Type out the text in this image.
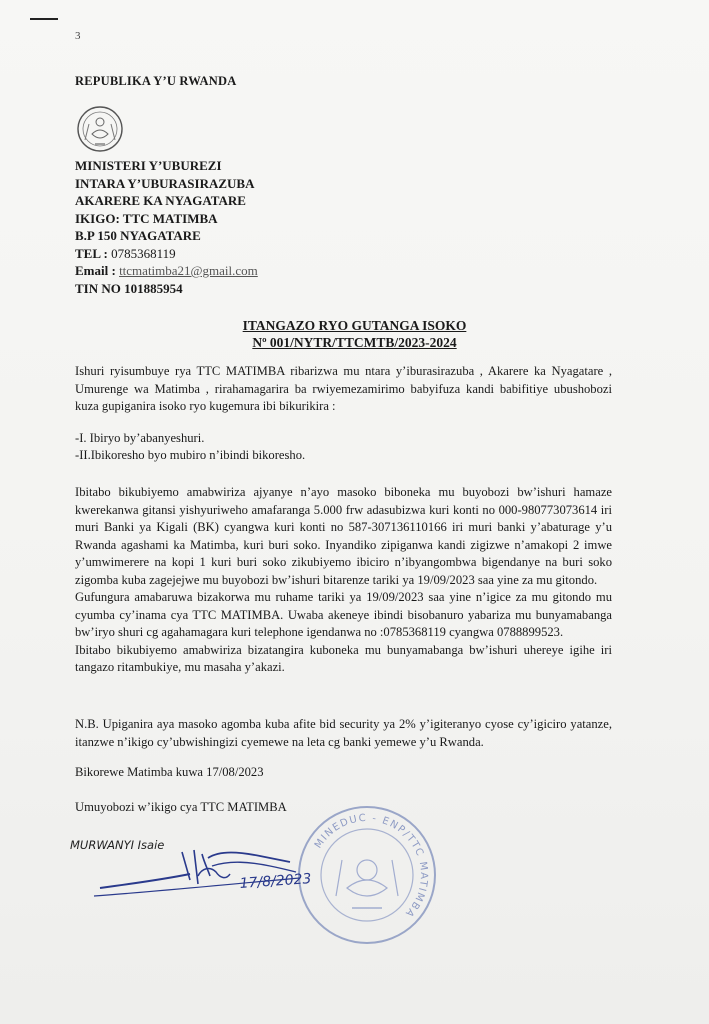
3
REPUBLIKA Y’U RWANDA
MINISTERI Y’UBUREZI
INTARA Y’UBURASIRAZUBA
AKARERE KA NYAGATARE
IKIGO: TTC MATIMBA
B.P 150 NYAGATARE
TEL : 0785368119
Email : ttcmatimba21@gmail.com
TIN NO 101885954
ITANGAZO RYO GUTANGA ISOKO
Nº 001/NYTR/TTCMTB/2023-2024
Ishuri ryisumbuye rya TTC MATIMBA ribarizwa mu ntara y’iburasirazuba , Akarere ka Nyagatare , Umurenge wa Matimba , rirahamagarira ba rwiyemezamirimo babyifuza kandi babifitiye ubushobozi kuza gupiganira isoko ryo kugemura ibi bikurikira :
-I. Ibiryo by’abanyeshuri.
-II.Ibikoresho byo mubiro n’ibindi bikoresho.
Ibitabo bikubiyemo amabwiriza ajyanye n’ayo masoko biboneka mu buyobozi bw’ishuri hamaze kwerekanwa gitansi yishyuriweho amafaranga 5.000 frw adasubizwa kuri konti no 000-980773073614 iri muri Banki ya Kigali (BK) cyangwa kuri konti no 587-307136110166 iri muri banki y’abaturage y’u Rwanda agashami ka Matimba, kuri buri soko. Inyandiko zipiganwa kandi zigizwe n’amakopi 2 imwe y’umwimerere na kopi 1 kuri buri soko zikubiyemo ibiciro n’ibyangombwa bigendanye na buri soko zigomba kuba zagejejwe mu buyobozi bw’ishuri bitarenze tariki ya 19/09/2023 saa yine za mu gitondo.
Gufungura amabaruwa bizakorwa mu ruhame tariki ya 19/09/2023 saa yine n’igice za mu gitondo mu cyumba cy’inama cya TTC MATIMBA. Uwaba akeneye ibindi bisobanuro yabariza mu bunyamabanga bw’iryo shuri cg agahamagara kuri telephone igendanwa no :0785368119 cyangwa 0788899523.
Ibitabo bikubiyemo amabwiriza bizatangira kuboneka mu bunyamabanga bw’ishuri uhereye igihe iri tangazo ritambukiye, mu masaha y’akazi.
N.B. Upiganira aya masoko agomba kuba afite bid security ya 2% y’igiteranyo cyose cy’igiciro yatanze, itanzwe n’ikigo cy’ubwishingizi cyemewe na leta cg banki yemewe y’u Rwanda.
Bikorewe Matimba kuwa 17/08/2023
Umuyobozi w’ikigo cya TTC MATIMBA
MINEDUC - ENP/TTC MATIMBA
MURWANYI Isaie
17/8/2023
